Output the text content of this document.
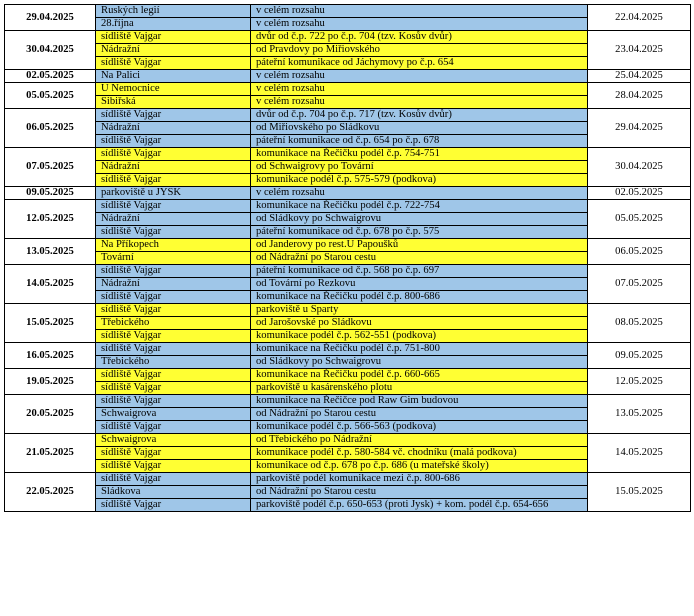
29.04.2025	Ruských legií	v celém rozsahu	22.04.2025
	28.října	v celém rozsahu	
30.04.2025	sídliště Vajgar	dvůr od č.p. 722 po č.p. 704 (tzv. Kosův dvůr)	23.04.2025
	Nádražní	od Pravdovy po Miřiovského	
	sídliště Vajgar	páteřní komunikace od Jáchymovy po č.p. 654	
02.05.2025	Na Palici	v celém rozsahu	25.04.2025
05.05.2025	U Nemocnice	v celém rozsahu	28.04.2025
	Sibiřská	v celém rozsahu	
06.05.2025	sídliště Vajgar	dvůr od č.p. 704 po č.p. 717 (tzv. Kosův dvůr)	29.04.2025
	Nádražní	od Miřiovského po Sládkovu	
	sídliště Vajgar	páteřní komunikace od č.p. 654 po č.p. 678	
07.05.2025	sídliště Vajgar	komunikace na Řečičku podél č.p. 754-751	30.04.2025
	Nádražní	od Schwaigrovy po Tovární	
	sídliště Vajgar	komunikace podél č.p. 575-579 (podkova)	
09.05.2025	parkoviště u JYSK	v celém rozsahu	02.05.2025
12.05.2025	sídliště Vajgar	komunikace na Řečičku podél č.p. 722-754	05.05.2025
	Nádražní	od Sládkovy po Schwaigrovu	
	sídliště Vajgar	páteřní komunikace od č.p. 678 po č.p. 575	
13.05.2025	Na Příkopech	od Janderovy po rest.U Papoušků	06.05.2025
	Tovární	od Nádražní po Starou cestu	
14.05.2025	sídliště Vajgar	páteřní komunikace od č.p. 568 po č.p. 697	07.05.2025
	Nádražní	od Tovární po Rezkovu	
	sídliště Vajgar	komunikace na Řečičku podél č.p. 800-686	
15.05.2025	sídliště Vajgar	parkoviště u Sparty	08.05.2025
	Třebického	od Jarošovské po Sládkovu	
	sídliště Vajgar	komunikace podél č.p. 562-551 (podkova)	
16.05.2025	sídliště Vajgar	komunikace na Řečičku podél č.p. 751-800	09.05.2025
	Třebického	od Sládkovy po Schwaigrovu	
19.05.2025	sídliště Vajgar	komunikace na Řečičku podél č.p. 660-665	12.05.2025
	sídliště Vajgar	parkoviště u kasárenského plotu	
20.05.2025	sídliště Vajgar	komunikace na Řečičce pod Raw Gim budovou	13.05.2025
	Schwaigrova	od Nádražní po Starou cestu	
	sídliště Vajgar	komunikace podél č.p. 566-563 (podkova)	
21.05.2025	Schwaigrova	od Třebického po Nádražní	14.05.2025
	sídliště Vajgar	komunikace podél č.p. 580-584 vč. chodníku (malá podkova)	
	sídliště Vajgar	komunikace od č.p. 678 po č.p. 686 (u mateřské školy)	
22.05.2025	sídliště Vajgar	parkoviště podél komunikace mezi č.p. 800-686	15.05.2025
	Sládkova	od Nádražní po Starou cestu	
	sídliště Vajgar	parkoviště podél č.p. 650-653 (proti Jysk) + kom. podél č.p. 654-656	
